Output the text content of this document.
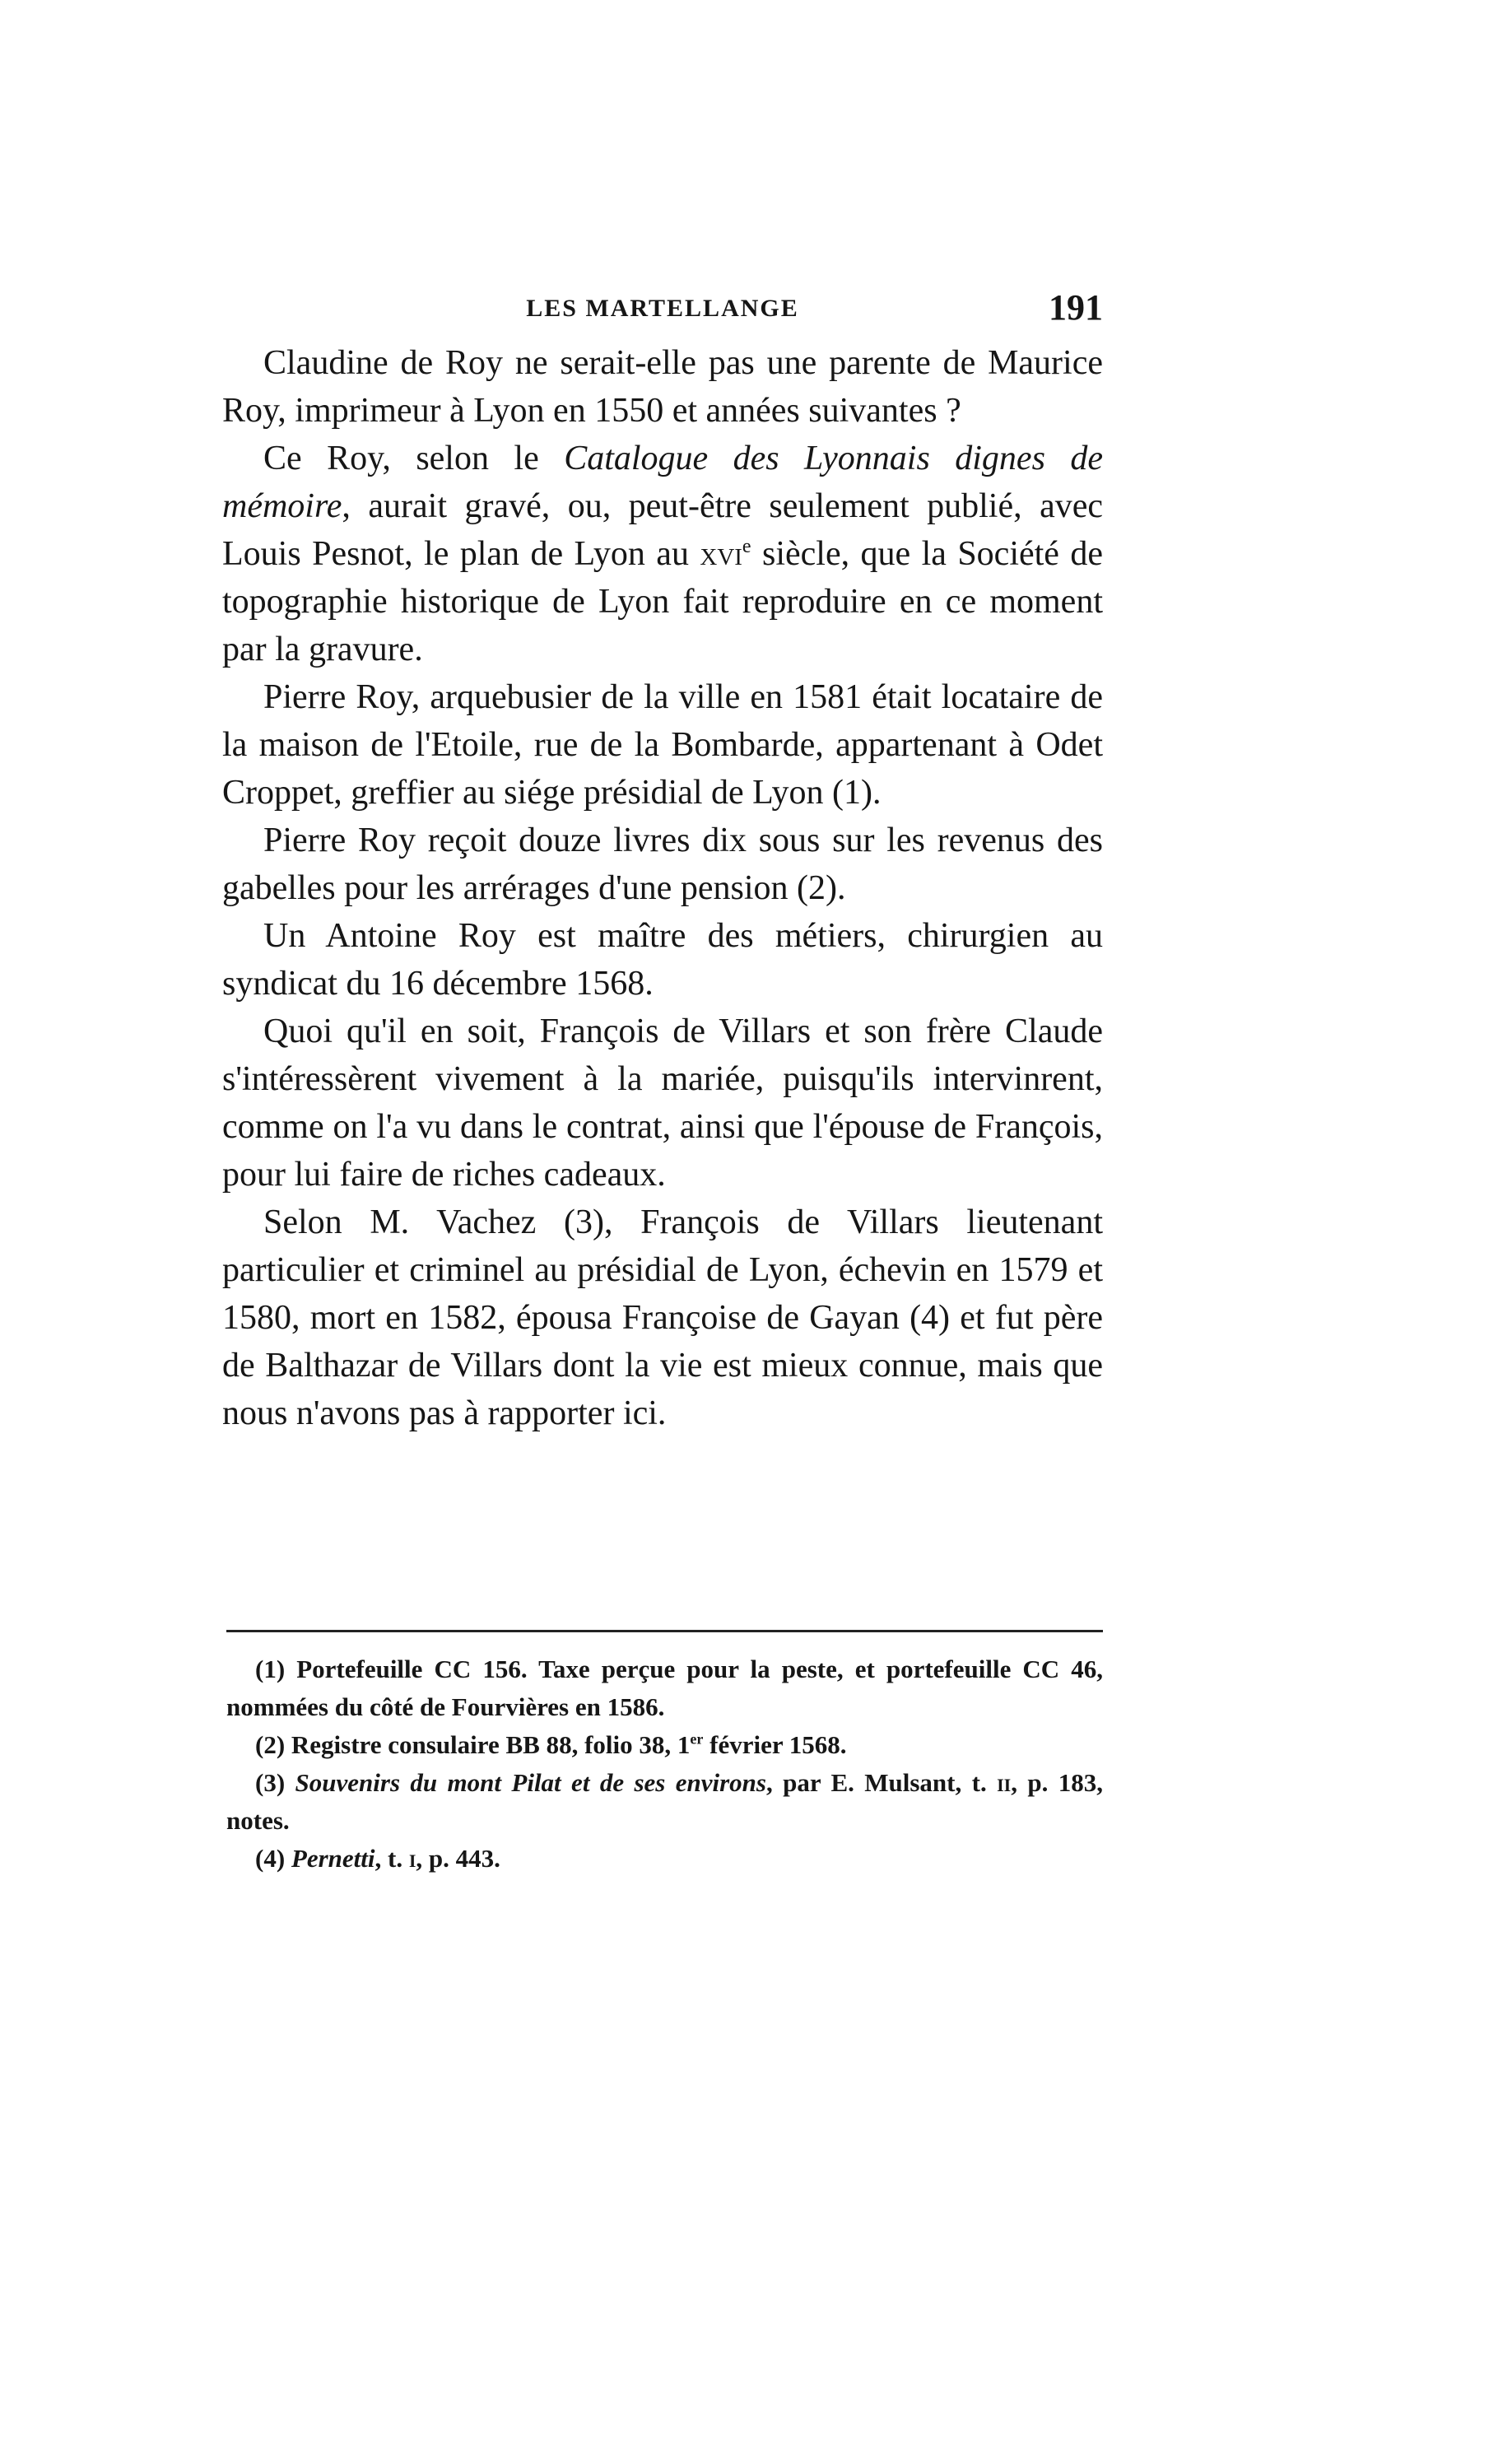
LES MARTELLANGE	191

Claudine de Roy ne serait-elle pas une parente de Maurice Roy, imprimeur à Lyon en 1550 et années suivantes ?

Ce Roy, selon le Catalogue des Lyonnais dignes de mémoire, aurait gravé, ou, peut-être seulement publié, avec Louis Pesnot, le plan de Lyon au xvi$^e$ siècle, que la Société de topographie historique de Lyon fait reproduire en ce moment par la gravure.

Pierre Roy, arquebusier de la ville en 1581 était locataire de la maison de l'Etoile, rue de la Bombarde, appartenant à Odet Croppet, greffier au siége présidial de Lyon (1).

Pierre Roy reçoit douze livres dix sous sur les revenus des gabelles pour les arrérages d'une pension (2).

Un Antoine Roy est maître des métiers, chirurgien au syndicat du 16 décembre 1568.

Quoi qu'il en soit, François de Villars et son frère Claude s'intéressèrent vivement à la mariée, puisqu'ils intervinrent, comme on l'a vu dans le contrat, ainsi que l'épouse de François, pour lui faire de riches cadeaux.

Selon M. Vachez (3), François de Villars lieutenant particulier et criminel au présidial de Lyon, échevin en 1579 et 1580, mort en 1582, épousa Françoise de Gayan (4) et fut père de Balthazar de Villars dont la vie est mieux connue, mais que nous n'avons pas à rapporter ici.

(1) Portefeuille CC 156. Taxe perçue pour la peste, et portefeuille CC 46, nommées du côté de Fourvières en 1586.

(2) Registre consulaire BB 88, folio 38, 1er février 1568.

(3) Souvenirs du mont Pilat et de ses environs, par E. Mulsant, t. ii, p. 183, notes.

(4) Pernetti, t. i, p. 443.
